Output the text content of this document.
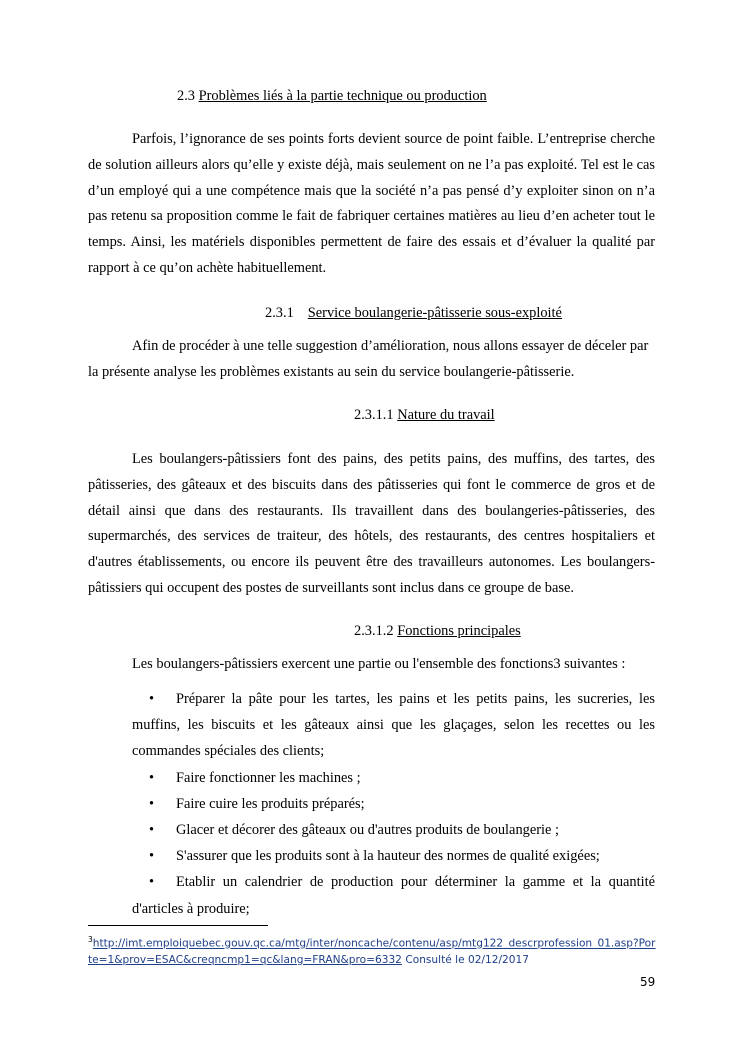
2.3 Problèmes liés à la partie technique ou production

Parfois, l’ignorance de ses points forts devient source de point faible. L’entreprise cherche de solution ailleurs alors qu’elle y existe déjà, mais seulement on ne l’a pas exploité. Tel est le cas d’un employé qui a une compétence mais que la société n’a pas pensé d’y exploiter sinon on n’a pas retenu sa proposition comme le fait de fabriquer certaines matières au lieu d’en acheter tout le temps. Ainsi, les matériels disponibles permettent de faire des essais et d’évaluer la qualité par rapport à ce qu’on achète habituellement.

2.3.1 Service boulangerie-pâtisserie sous-exploité

Afin de procéder à une telle suggestion d’amélioration, nous allons essayer de déceler par la présente analyse les problèmes existants au sein du service boulangerie-pâtisserie.

2.3.1.1 Nature du travail

Les boulangers-pâtissiers font des pains, des petits pains, des muffins, des tartes, des pâtisseries, des gâteaux et des biscuits dans des pâtisseries qui font le commerce de gros et de détail ainsi que dans des restaurants. Ils travaillent dans des boulangeries-pâtisseries, des supermarchés, des services de traiteur, des hôtels, des restaurants, des centres hospitaliers et d'autres établissements, ou encore ils peuvent être des travailleurs autonomes. Les boulangers-pâtissiers qui occupent des postes de surveillants sont inclus dans ce groupe de base.

2.3.1.2 Fonctions principales

Les boulangers-pâtissiers exercent une partie ou l'ensemble des fonctions3 suivantes :

•	Préparer la pâte pour les tartes, les pains et les petits pains, les sucreries, les muffins, les biscuits et les gâteaux ainsi que les glaçages, selon les recettes ou les commandes spéciales des clients;
•	Faire fonctionner les machines ;
•	Faire cuire les produits préparés;
•	Glacer et décorer des gâteaux ou d'autres produits de boulangerie ;
•	S'assurer que les produits sont à la hauteur des normes de qualité exigées;
•	Etablir un calendrier de production pour déterminer la gamme et la quantité d'articles à produire;
$^3$http://imt.emploiquebec.gouv.qc.ca/mtg/inter/noncache/contenu/asp/mtg122_descrprofession_01.asp?Porte=1&prov=ESAC&creqncmp1=qc&lang=FRAN&pro=6332 Consulté le 02/12/2017
59
